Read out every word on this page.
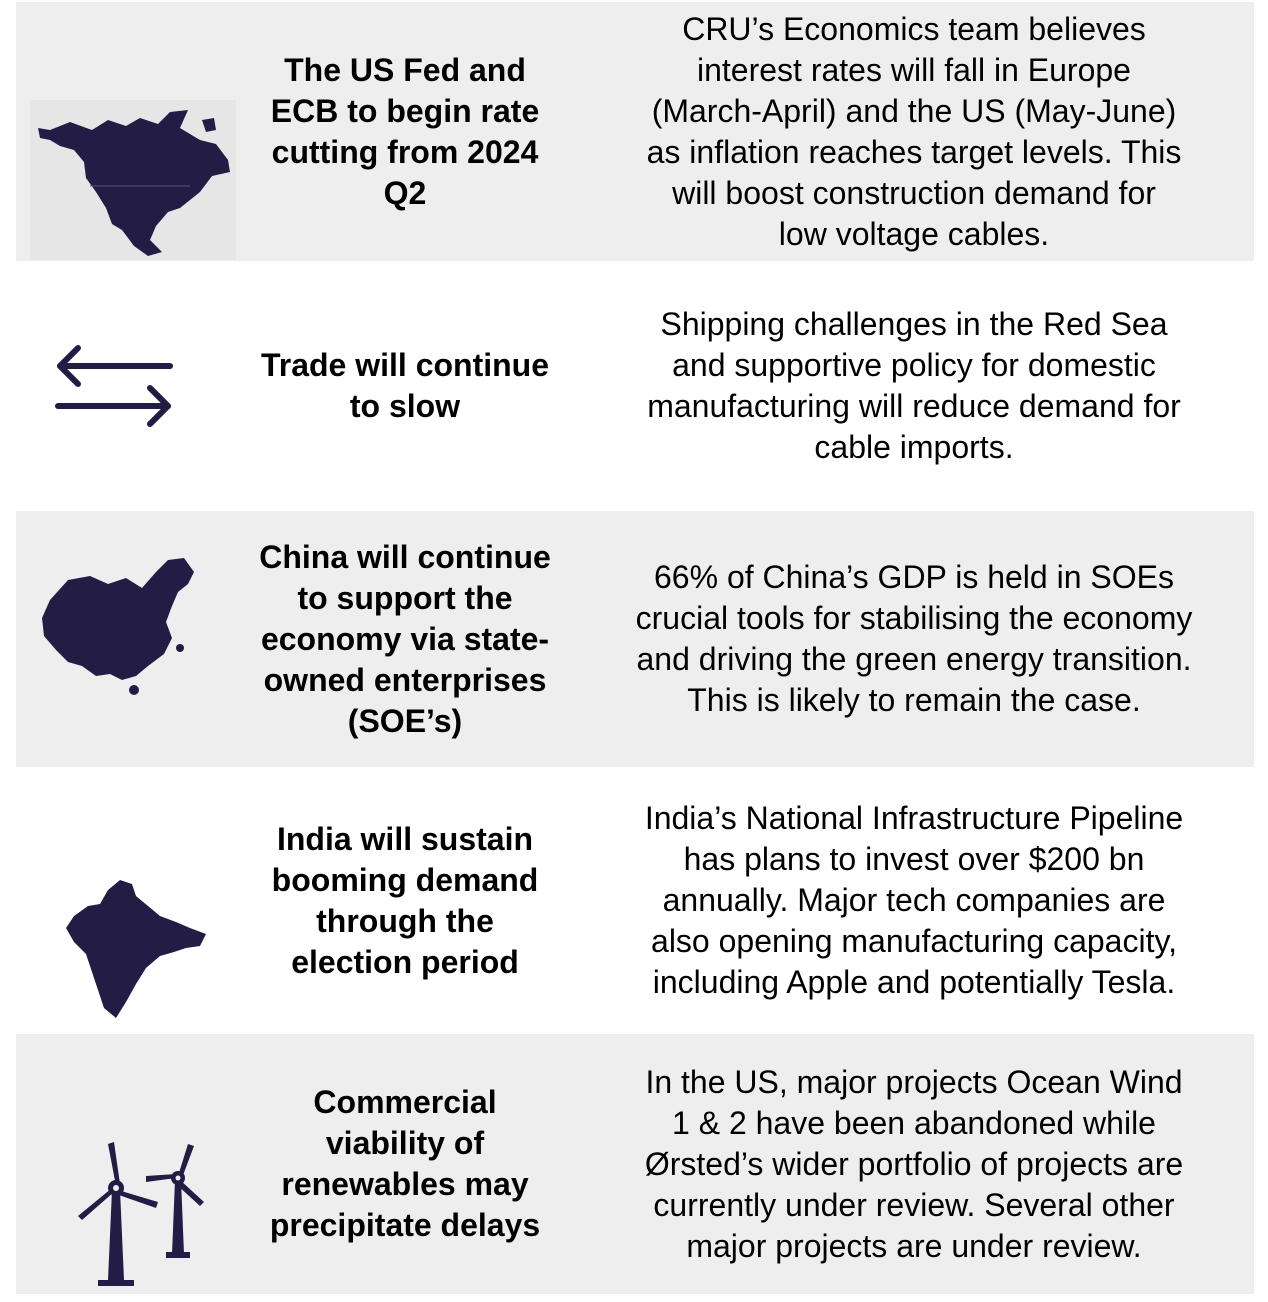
The US Fed and
ECB to begin rate
cutting from 2024
Q2
CRU’s Economics team believes
interest rates will fall in Europe
(March-April) and the US (May-June)
as inflation reaches target levels. This
will boost construction demand for
low voltage cables.
Trade will continue
to slow
Shipping challenges in the Red Sea
and supportive policy for domestic
manufacturing will reduce demand for
cable imports.
China will continue
to support the
economy via state-
owned enterprises
(SOE’s)
66% of China’s GDP is held in SOEs
crucial tools for stabilising the economy
and driving the green energy transition.
This is likely to remain the case.
India will sustain
booming demand
through the
election period
India’s National Infrastructure Pipeline
has plans to invest over $200 bn
annually. Major tech companies are
also opening manufacturing capacity,
including Apple and potentially Tesla.
Commercial
viability of
renewables may
precipitate delays
In the US, major projects Ocean Wind
1 & 2 have been abandoned while
Ørsted’s wider portfolio of projects are
currently under review. Several other
major projects are under review.
